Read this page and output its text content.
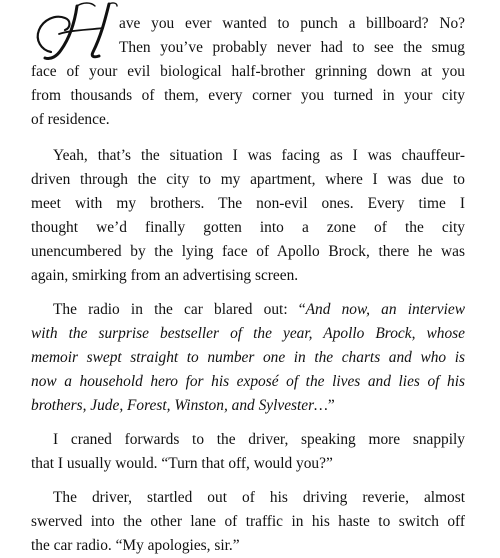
ave you ever wanted to punch a billboard? No?
Then you’ve probably never had to see the smug
face of your evil biological half-brother grinning down at you
from thousands of them, every corner you turned in your city
of residence.
Yeah, that’s the situation I was facing as I was chauffeur-
driven through the city to my apartment, where I was due to
meet with my brothers. The non-evil ones. Every time I
thought we’d finally gotten into a zone of the city
unencumbered by the lying face of Apollo Brock, there he was
again, smirking from an advertising screen.
The radio in the car blared out: “And now, an interview
with the surprise bestseller of the year, Apollo Brock, whose
memoir swept straight to number one in the charts and who is
now a household hero for his exposé of the lives and lies of his
brothers, Jude, Forest, Winston, and Sylvester…”
I craned forwards to the driver, speaking more snappily
that I usually would. “Turn that off, would you?”
The driver, startled out of his driving reverie, almost
swerved into the other lane of traffic in his haste to switch off
the car radio. “My apologies, sir.”
